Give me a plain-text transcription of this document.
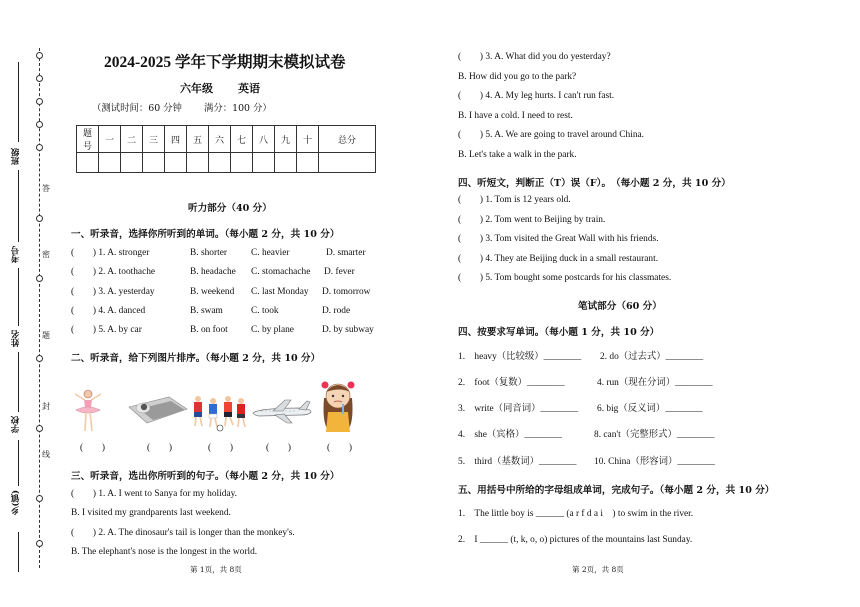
答
密
题
封
线
班级
考号
姓名
学校
乡(镇)
2024-2025 学年下学期期末模拟试卷
六年级 英语
（测试时间：60 分钟 满分：100 分）
题
号	一	二	三	四	五	六	七	八	九	十	总分

听力部分（40 分）
一、听录音，选择你所听到的单词。（每小题 2 分，共 10 分）
(　　) 1. A. stronger	B. shorter	C. heavier	D. smarter
(　　) 2. A. toothache	B. headache C. stomachache D. fever
(　　) 3. A. yesterday	B. weekend C. last Monday D. tomorrow
(　　) 4. A. danced	B. swam	C. took	D. rode
(　　) 5. A. by car	B. on foot C. by plane	D. by subway
二、听录音，给下列图片排序。（每小题 2 分，共 10 分）
(　　)	(　　)	(　　)	(　　)	(　　)
三、听录音，选出你所听到的句子。（每小题 2 分，共 10 分）
(　　) 1. A. I went to Sanya for my holiday.
B. I visited my grandparents last weekend.
(　　) 2. A. The dinosaur's tail is longer than the monkey's.
B. The elephant's nose is the longest in the world.
第 1页，共 8页
(　　) 3. A. What did you do yesterday?
B. How did you go to the park?
(　　) 4. A. My leg hurts. I can't run fast.
B. I have a cold. I need to rest.
(　　) 5. A. We are going to travel around China.
B. Let's take a walk in the park.
四、听短文，判断正（T）误（F）。　（每小题 2 分，共 10 分）
(　　) 1. Tom is 12 years old.
(　　) 2. Tom went to Beijing by train.
(　　) 3. Tom visited the Great Wall with his friends.
(　　) 4. They ate Beijing duck in a small restaurant.
(　　) 5. Tom bought some postcards for his classmates.
笔试部分（60 分）
四、按要求写单词。（每小题 1 分，共 10 分）
1.　heavy（比较级）________ 2. do（过去式）________
2.　foot（复数）________	4. run（现在分词）________
3.　write（同音词）________ 6. big（反义词）________
4.　she（宾格）________	8. can't（完整形式）________
5.　third（基数词）________ 10. China（形容词）________
五、用括号中所给的字母组成单词，完成句子。（每小题 2 分，共 10 分）
1.　The little boy is ______ (a r f d a i　) to swim in the river.
2.　I ______ (t, k, o, o) pictures of the mountains last Sunday.
第 2页，共 8页
